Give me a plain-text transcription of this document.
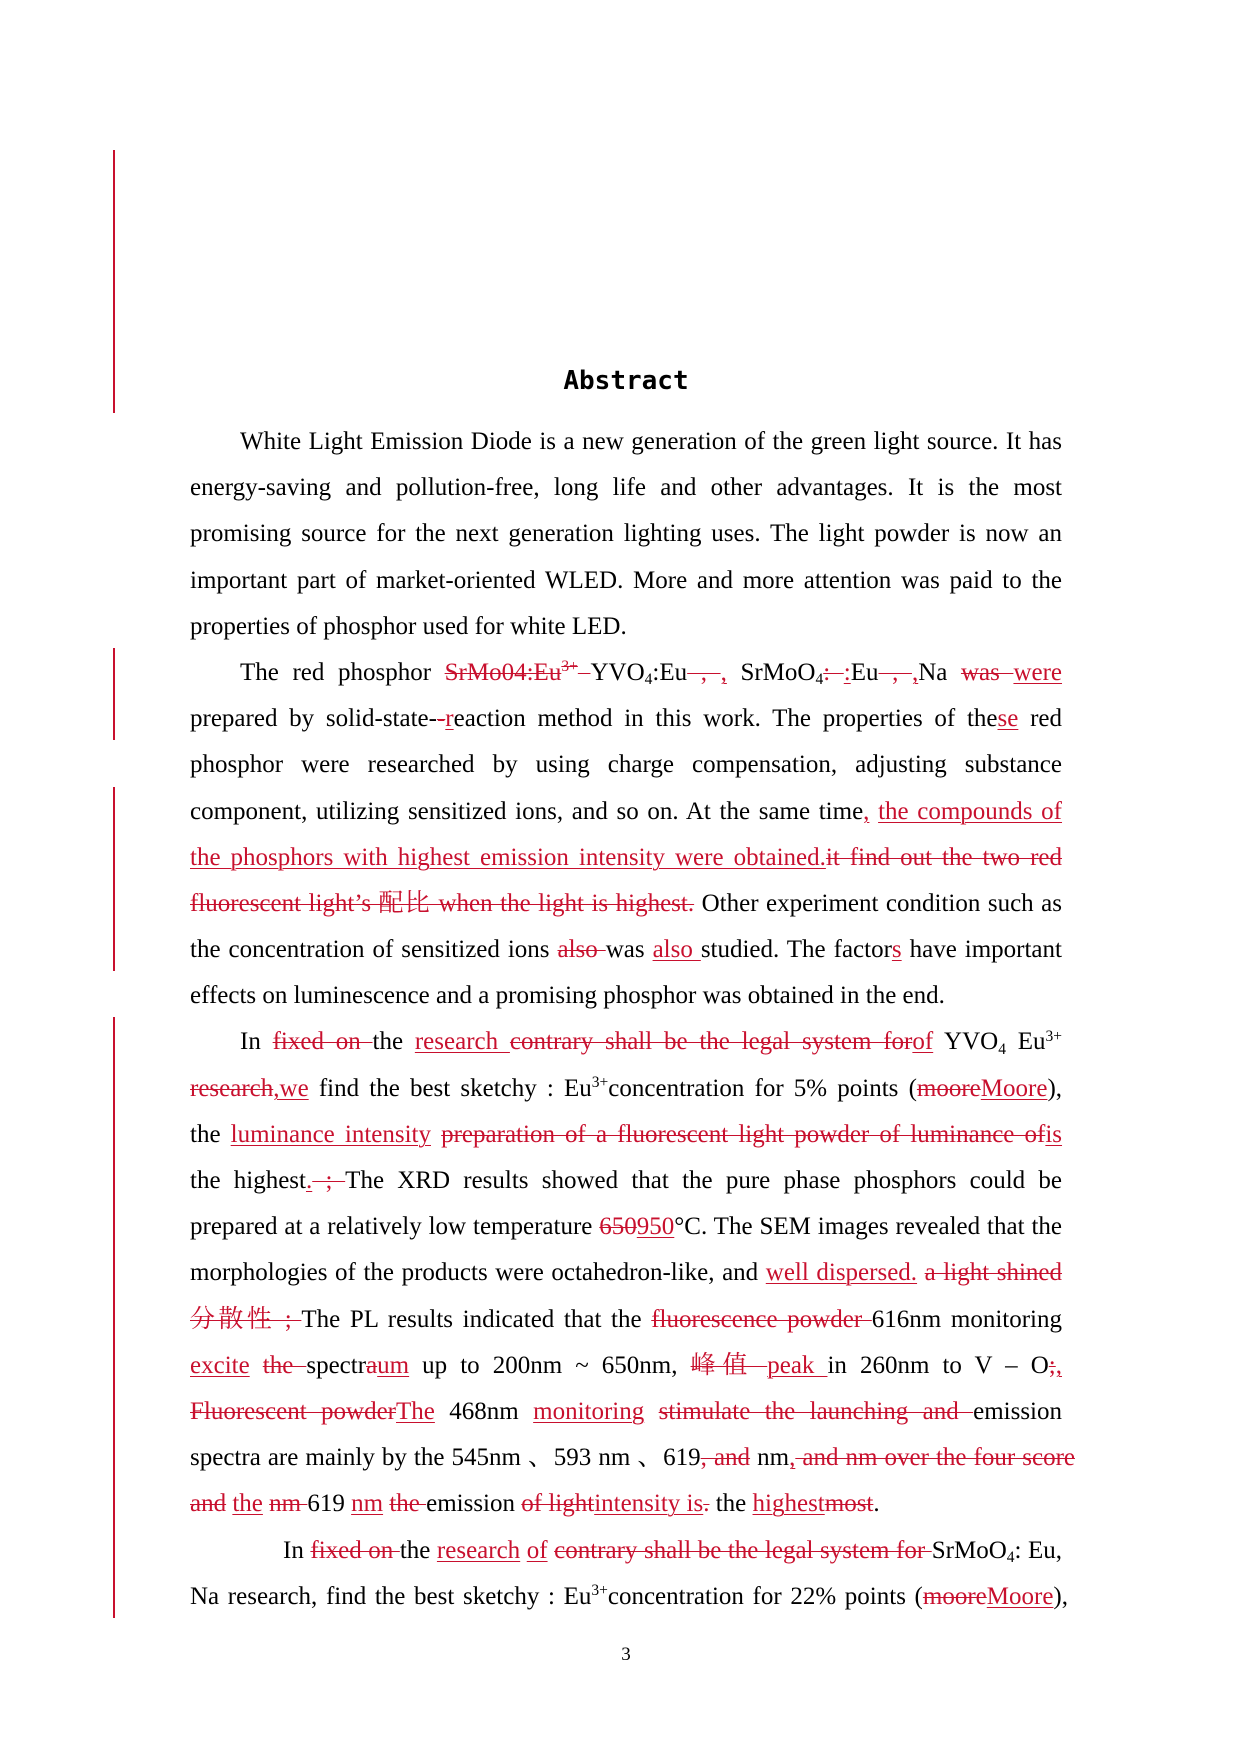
Abstract
White Light Emission Diode is a new generation of the green light source. It has
energy-saving and pollution-free, long life and other advantages. It is the most
promising source for the next generation lighting uses. The light powder is now an
important part of market-oriented WLED. More and more attention was paid to the
properties of phosphor used for white LED.
The red phosphor $SrMo04:Eu^{3+}$ YVO4:Eu , , SrMoO4: :Eu , ,Na was were
prepared by solid-state--reaction method in this work. The properties of these red
phosphor were researched by using charge compensation, adjusting substance
component, utilizing sensitized ions, and so on. At the same time, the compounds of
the phosphors with highest emission intensity were obtained.it find out the two red
fluorescent light’s 配比 when the light is highest. Other experiment condition such as
the concentration of sensitized ions also was also studied. The factors have important
effects on luminescence and a promising phosphor was obtained in the end.
In fixed on the research contrary shall be the legal system forof YVO4 $Eu^{3+}$
research,we find the best sketchy : $Eu^{3+}concentration$ for 5% points (mooreMoore),
the luminance intensity preparation of a fluorescent light powder of luminance ofis
the highest. ; The XRD results showed that the pure phase phosphors could be
prepared at a relatively low temperature 650950°C. The SEM images revealed that the
morphologies of the products were octahedron-like, and well dispersed. a light shined
分散性 ; The PL results indicated that the fluorescence powder 616nm monitoring
excite the spectraum up to 200nm ~ 650nm, 峰值 peak in 260nm to V – O;,
Fluorescent powderThe 468nm monitoring stimulate the launching and emission
spectra are mainly by the 545nm 、593 nm 、619, and nm, and nm over the four score
and the nm 619 nm the emission of lightintensity is. the highestmost.
In fixed on the research of contrary shall be the legal system for SrMoO4: Eu,
Na research, find the best sketchy : $Eu^{3+}concentration$ for 22% points (mooreMoore),
3
